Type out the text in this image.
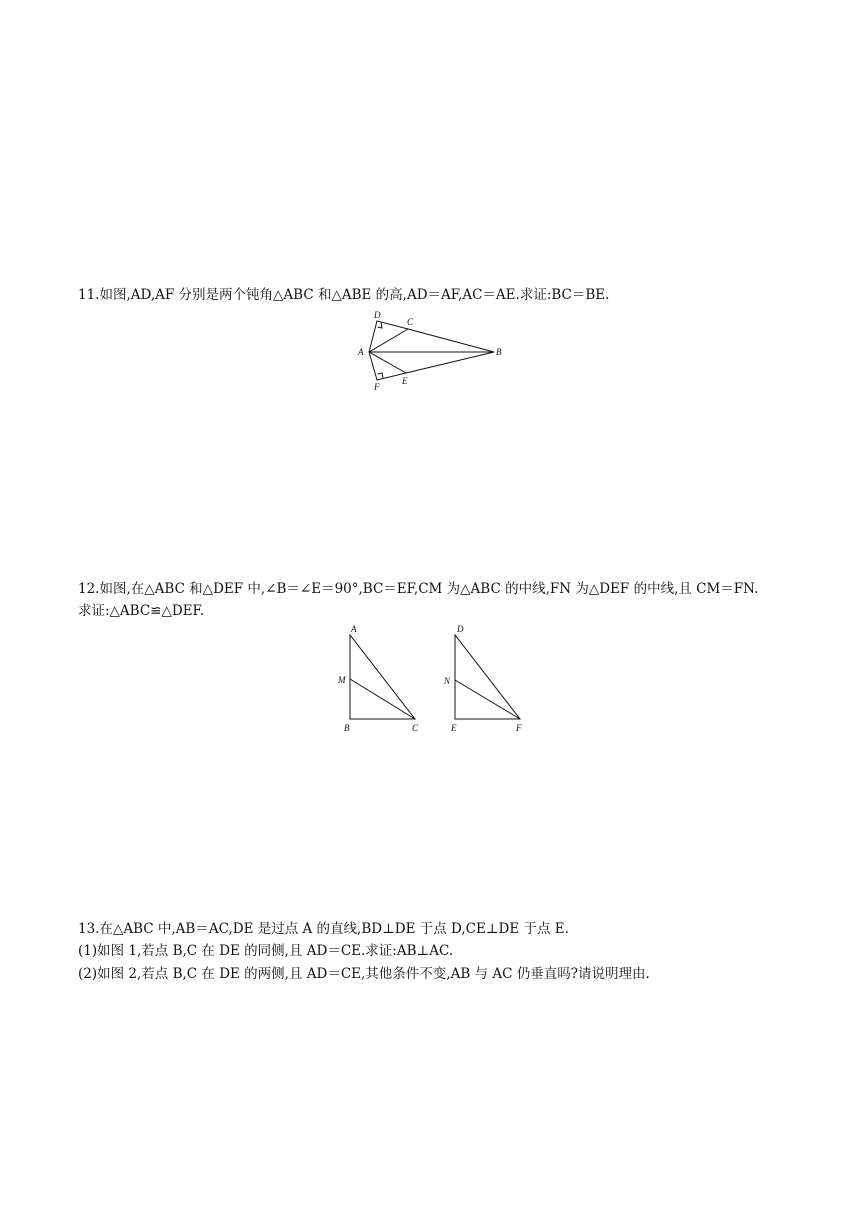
11.如图,AD,AF 分别是两个钝角△ABC 和△ABE 的高,AD＝AF,AC＝AE.求证:BC＝BE.
A	B
C
D
E
F
12.如图,在△ABC 和△DEF 中,∠B＝∠E＝90°,BC＝EF,CM 为△ABC 的中线,FN 为△DEF 的中线,且 CM＝FN.
求证:△ABC≌△DEF.
A
M
B	C
D
N
E	F
13.在△ABC 中,AB＝AC,DE 是过点 A 的直线,BD⊥DE 于点 D,CE⊥DE 于点 E.
(1)如图 1,若点 B,C 在 DE 的同侧,且 AD＝CE.求证:AB⊥AC.
(2)如图 2,若点 B,C 在 DE 的两侧,且 AD＝CE,其他条件不变,AB 与 AC 仍垂直吗?请说明理由.
